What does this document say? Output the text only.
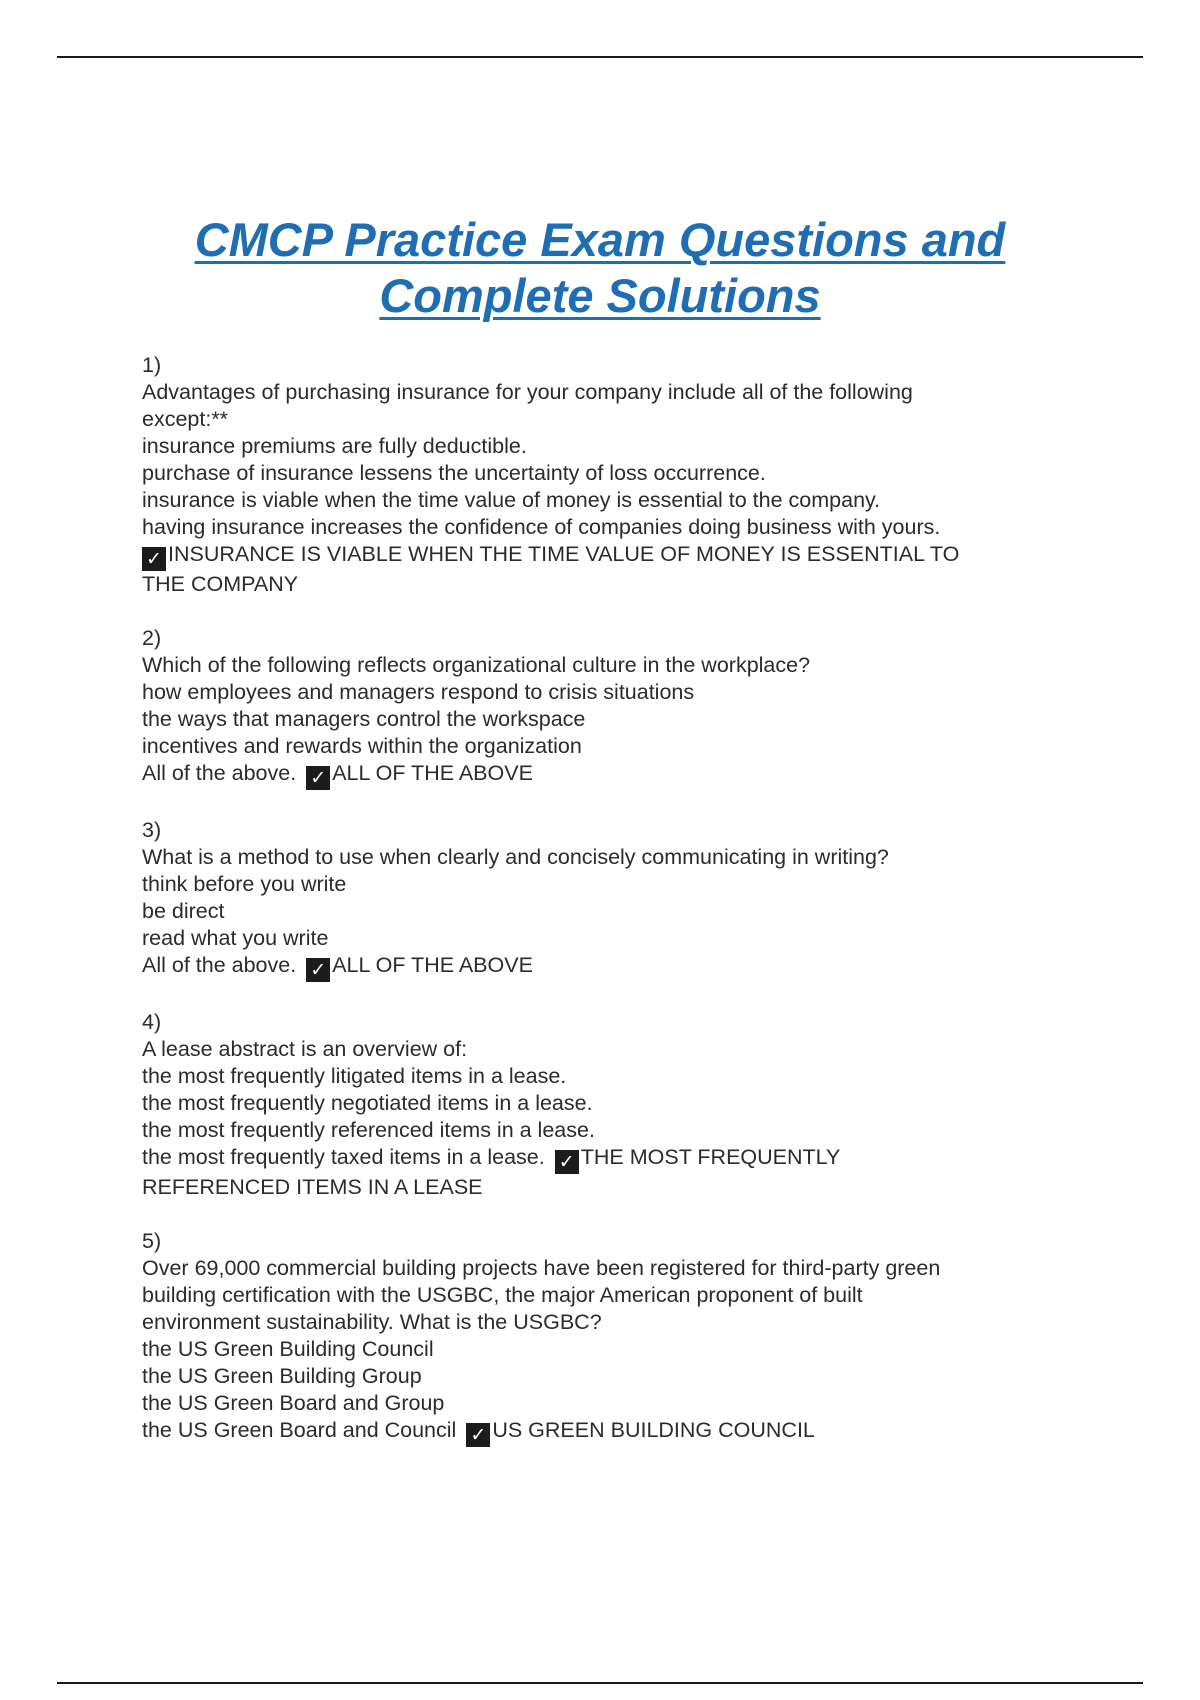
CMCP Practice Exam Questions and
Complete Solutions
1)
Advantages of purchasing insurance for your company include all of the following
except:**
insurance premiums are fully deductible.
purchase of insurance lessens the uncertainty of loss occurrence.
insurance is viable when the time value of money is essential to the company.
having insurance increases the confidence of companies doing business with yours.
✓ INSURANCE IS VIABLE WHEN THE TIME VALUE OF MONEY IS ESSENTIAL TO
THE COMPANY
2)
Which of the following reflects organizational culture in the workplace?
how employees and managers respond to crisis situations
the ways that managers control the workspace
incentives and rewards within the organization
All of the above. ✓ ALL OF THE ABOVE
3)
What is a method to use when clearly and concisely communicating in writing?
think before you write
be direct
read what you write
All of the above. ✓ ALL OF THE ABOVE
4)
A lease abstract is an overview of:
the most frequently litigated items in a lease.
the most frequently negotiated items in a lease.
the most frequently referenced items in a lease.
the most frequently taxed items in a lease. ✓ THE MOST FREQUENTLY
REFERENCED ITEMS IN A LEASE
5)
Over 69,000 commercial building projects have been registered for third-party green
building certification with the USGBC, the major American proponent of built
environment sustainability. What is the USGBC?
the US Green Building Council
the US Green Building Group
the US Green Board and Group
the US Green Board and Council ✓ US GREEN BUILDING COUNCIL
